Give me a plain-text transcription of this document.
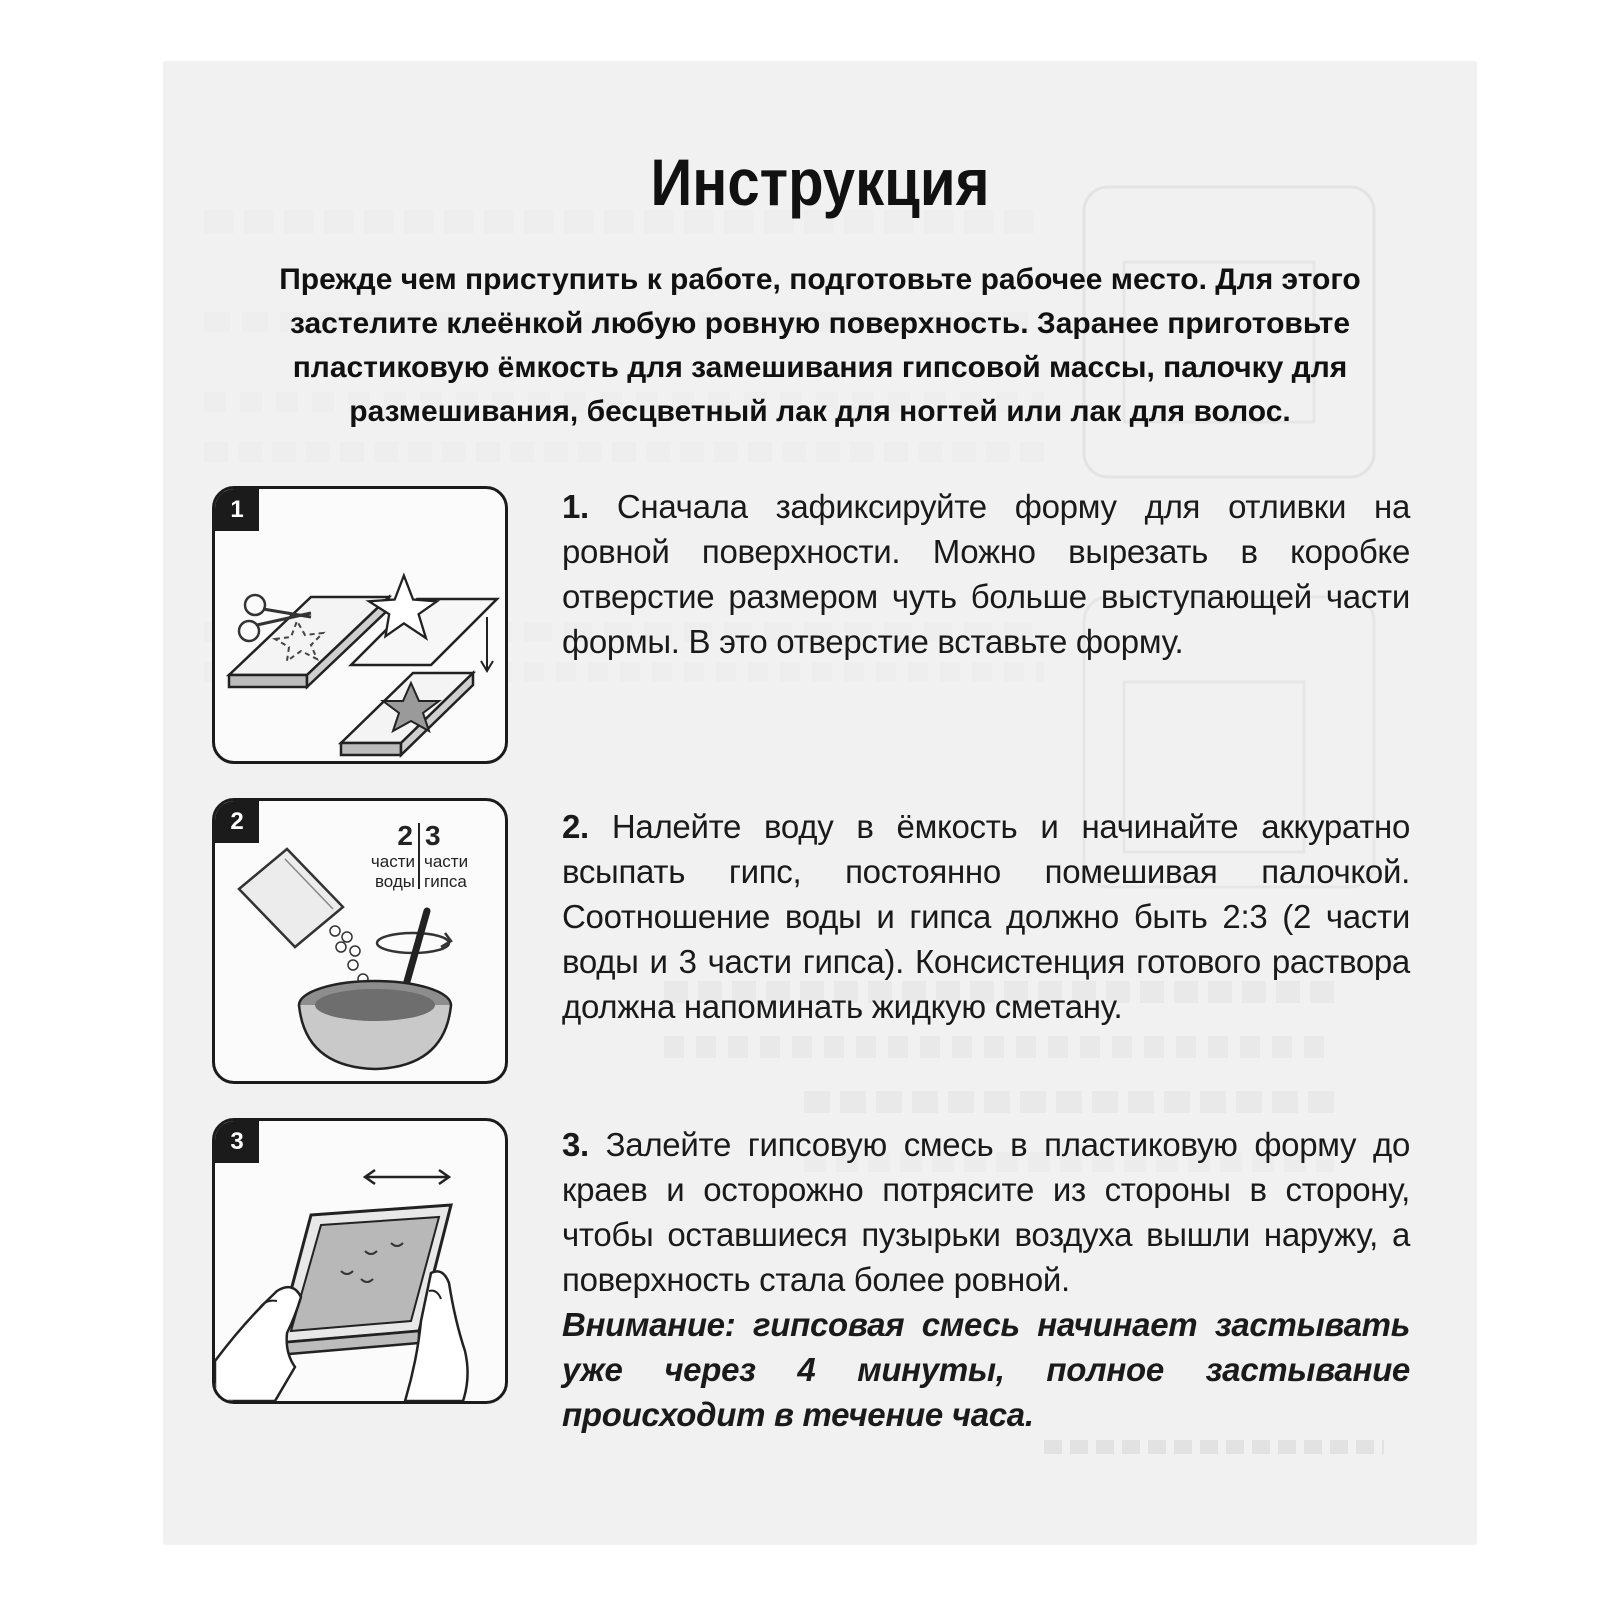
Инструкция
Прежде чем приступить к работе, подготовьте рабочее место. Для этого
застелите клеёнкой любую ровную поверхность. Заранее приготовьте
пластиковую ёмкость для замешивания гипсовой массы, палочку для
размешивания, бесцветный лак для ногтей или лак для волос.
1	1. Сначала зафиксируйте форму для отливки на ровной поверхности. Можно вырезать в коробке отверстие размером чуть больше выступающей части формы. В это отверстие вставьте форму.
2 3
части
воды
части
гипса
2	2. Налейте воду в ёмкость и начинайте аккуратно всыпать гипс, постоянно помешивая палочкой. Соотношение воды и гипса должно быть 2:3 (2 части воды и 3 части гипса). Консистенция готового раствора должна напоминать жидкую сметану.
3	3. Залейте гипсовую смесь в пластиковую форму до краев и осторожно потрясите из стороны в сторону, чтобы оставшиеся пузырьки воздуха вышли наружу, а поверхность стала более ровной.
Внимание: гипсовая смесь начинает застывать уже через 4 минуты, полное застывание происходит в течение часа.
